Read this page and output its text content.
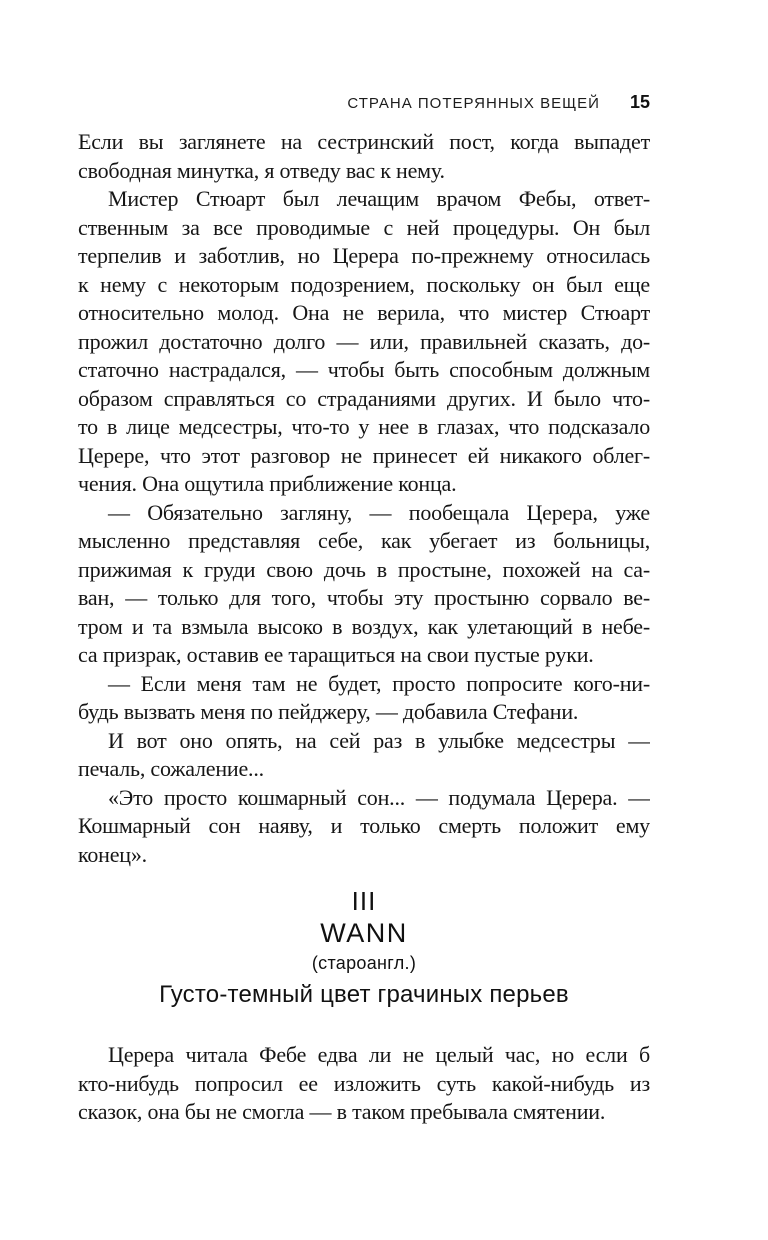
СТРАНА ПОТЕРЯННЫХ ВЕЩЕЙ 15
Если вы заглянете на сестринский пост, когда выпадет
свободная минутка, я отведу вас к нему.
Мистер Стюарт был лечащим врачом Фебы, ответ-
ственным за все проводимые с ней процедуры. Он был
терпелив и заботлив, но Церера по-прежнему относилась
к нему с некоторым подозрением, поскольку он был еще
относительно молод. Она не верила, что мистер Стюарт
прожил достаточно долго — или, правильней сказать, до-
статочно настрадался, — чтобы быть способным должным
образом справляться со страданиями других. И было что-
то в лице медсестры, что-то у нее в глазах, что подсказало
Церере, что этот разговор не принесет ей никакого облег-
чения. Она ощутила приближение конца.
— Обязательно загляну, — пообещала Церера, уже
мысленно представляя себе, как убегает из больницы,
прижимая к груди свою дочь в простыне, похожей на са-
ван, — только для того, чтобы эту простыню сорвало ве-
тром и та взмыла высоко в воздух, как улетающий в небе-
са призрак, оставив ее таращиться на свои пустые руки.
— Если меня там не будет, просто попросите кого-ни-
будь вызвать меня по пейджеру, — добавила Стефани.
И вот оно опять, на сей раз в улыбке медсестры —
печаль, сожаление...
«Это просто кошмарный сон... — подумала Церера. —
Кошмарный сон наяву, и только смерть положит ему
конец».
III
WANN
(староангл.)
Густо-темный цвет грачиных перьев
Церера читала Фебе едва ли не целый час, но если б
кто-нибудь попросил ее изложить суть какой-нибудь из
сказок, она бы не смогла — в таком пребывала смятении.
